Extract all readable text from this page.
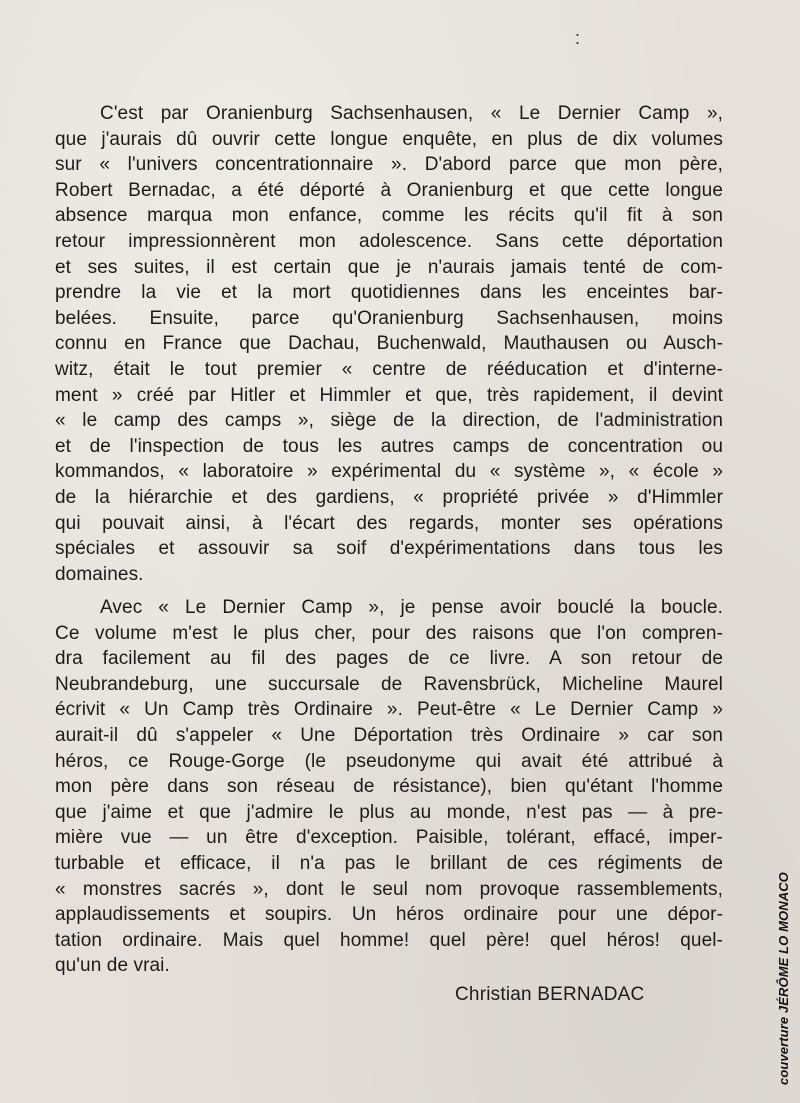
:
C'est par Oranienburg Sachsenhausen, « Le Dernier Camp »,
que j'aurais dû ouvrir cette longue enquête, en plus de dix volumes
sur « l'univers concentrationnaire ». D'abord parce que mon père,
Robert Bernadac, a été déporté à Oranienburg et que cette longue
absence marqua mon enfance, comme les récits qu'il fit à son
retour impressionnèrent mon adolescence. Sans cette déportation
et ses suites, il est certain que je n'aurais jamais tenté de com-
prendre la vie et la mort quotidiennes dans les enceintes bar-
belées. Ensuite, parce qu'Oranienburg Sachsenhausen, moins
connu en France que Dachau, Buchenwald, Mauthausen ou Ausch-
witz, était le tout premier « centre de rééducation et d'interne-
ment » créé par Hitler et Himmler et que, très rapidement, il devint
« le camp des camps », siège de la direction, de l'administration
et de l'inspection de tous les autres camps de concentration ou
kommandos, « laboratoire » expérimental du « système », « école »
de la hiérarchie et des gardiens, « propriété privée » d'Himmler
qui pouvait ainsi, à l'écart des regards, monter ses opérations
spéciales et assouvir sa soif d'expérimentations dans tous les
domaines.
Avec « Le Dernier Camp », je pense avoir bouclé la boucle.
Ce volume m'est le plus cher, pour des raisons que l'on compren-
dra facilement au fil des pages de ce livre. A son retour de
Neubrandeburg, une succursale de Ravensbrück, Micheline Maurel
écrivit « Un Camp très Ordinaire ». Peut-être « Le Dernier Camp »
aurait-il dû s'appeler « Une Déportation très Ordinaire » car son
héros, ce Rouge-Gorge (le pseudonyme qui avait été attribué à
mon père dans son réseau de résistance), bien qu'étant l'homme
que j'aime et que j'admire le plus au monde, n'est pas — à pre-
mière vue — un être d'exception. Paisible, tolérant, effacé, imper-
turbable et efficace, il n'a pas le brillant de ces régiments de
« monstres sacrés », dont le seul nom provoque rassemblements,
applaudissements et soupirs. Un héros ordinaire pour une dépor-
tation ordinaire. Mais quel homme! quel père! quel héros! quel-
qu'un de vrai.
Christian BERNADAC	couverture JÉRÔME LO MONACO
